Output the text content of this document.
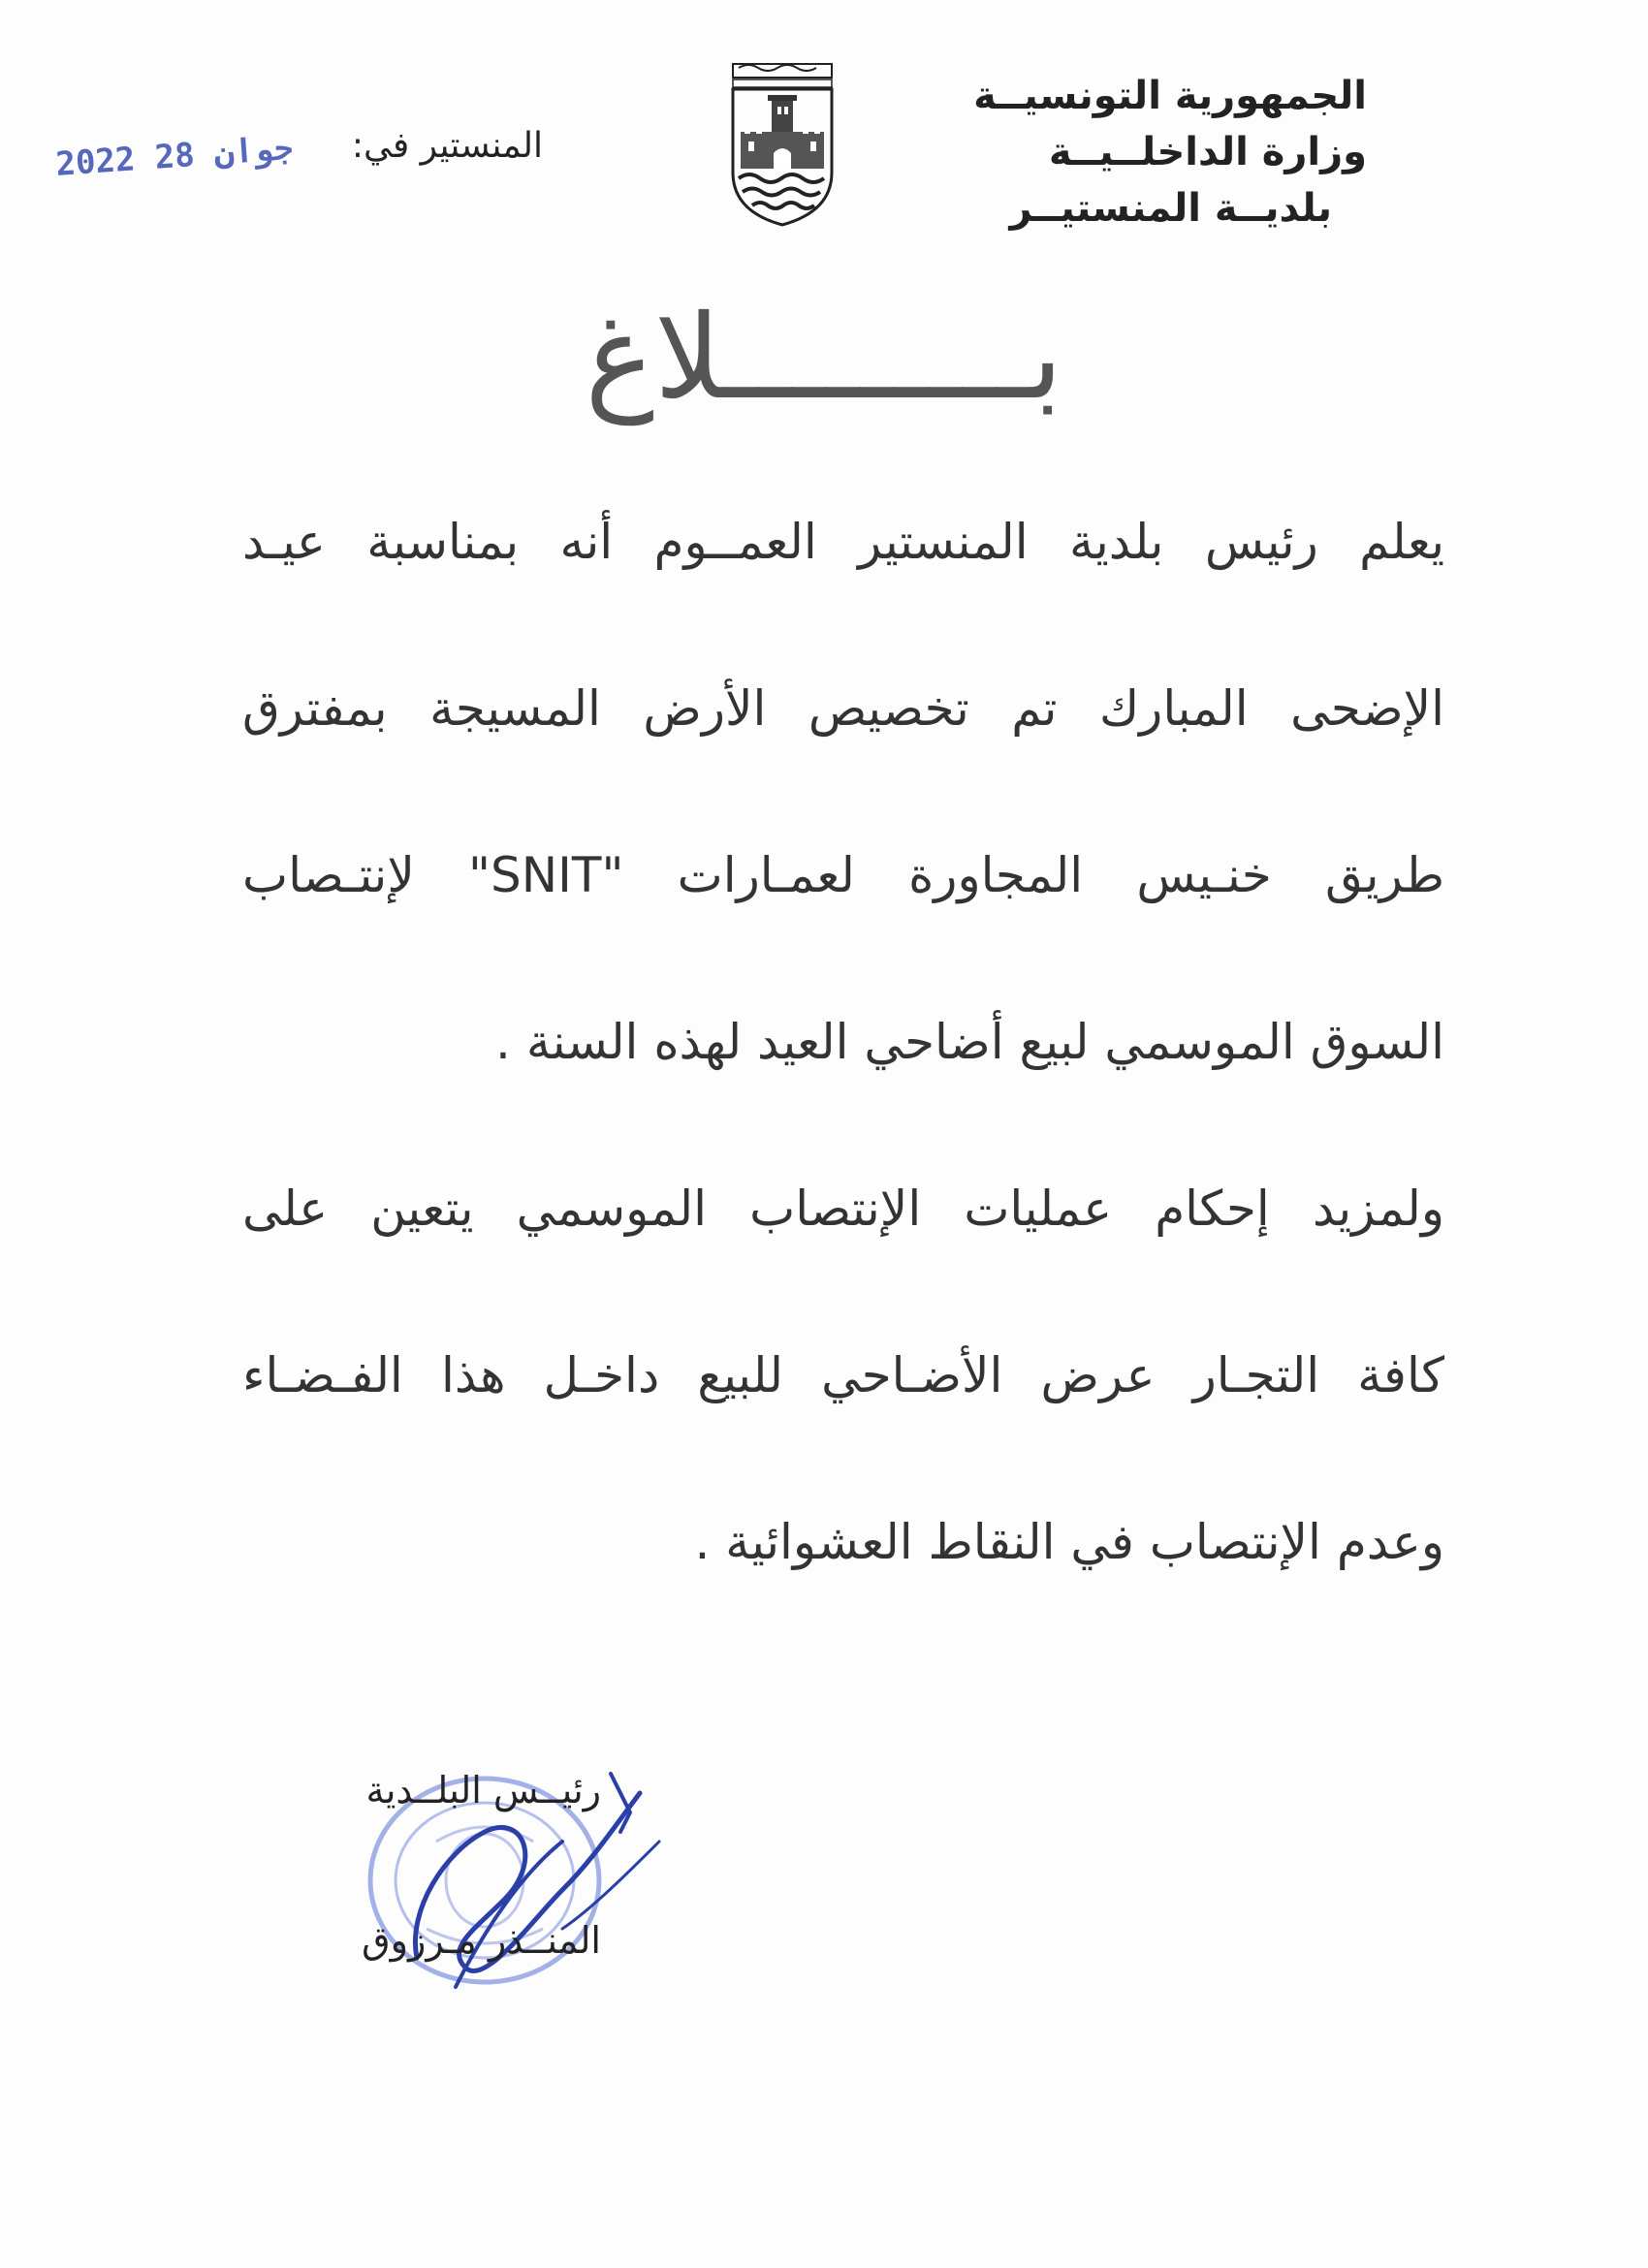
الجمهورية التونسيــة
وزارة الداخلــيــة
بلديــة المنستيــر
المنستير في:
2022 جوان 28
بـــــــــلاغ
يعلم رئيس بلدية المنستير العمــوم أنه بمناسبة عيـد
الإضحى المبارك تم تخصيص الأرض المسيجة بمفترق
طريق خنـيس المجاورة لعمـارات "SNIT" لإنتـصاب
السوق الموسمي لبيع أضاحي العيد لهذه السنة .
ولمزيد إحكام عمليات الإنتصاب الموسمي يتعين على
كافة التجـار عرض الأضـاحي للبيع داخـل هذا الفـضـاء
وعدم الإنتصاب في النقاط العشوائية .
رئيــس البلــدية
المنــذر مـرزوق
